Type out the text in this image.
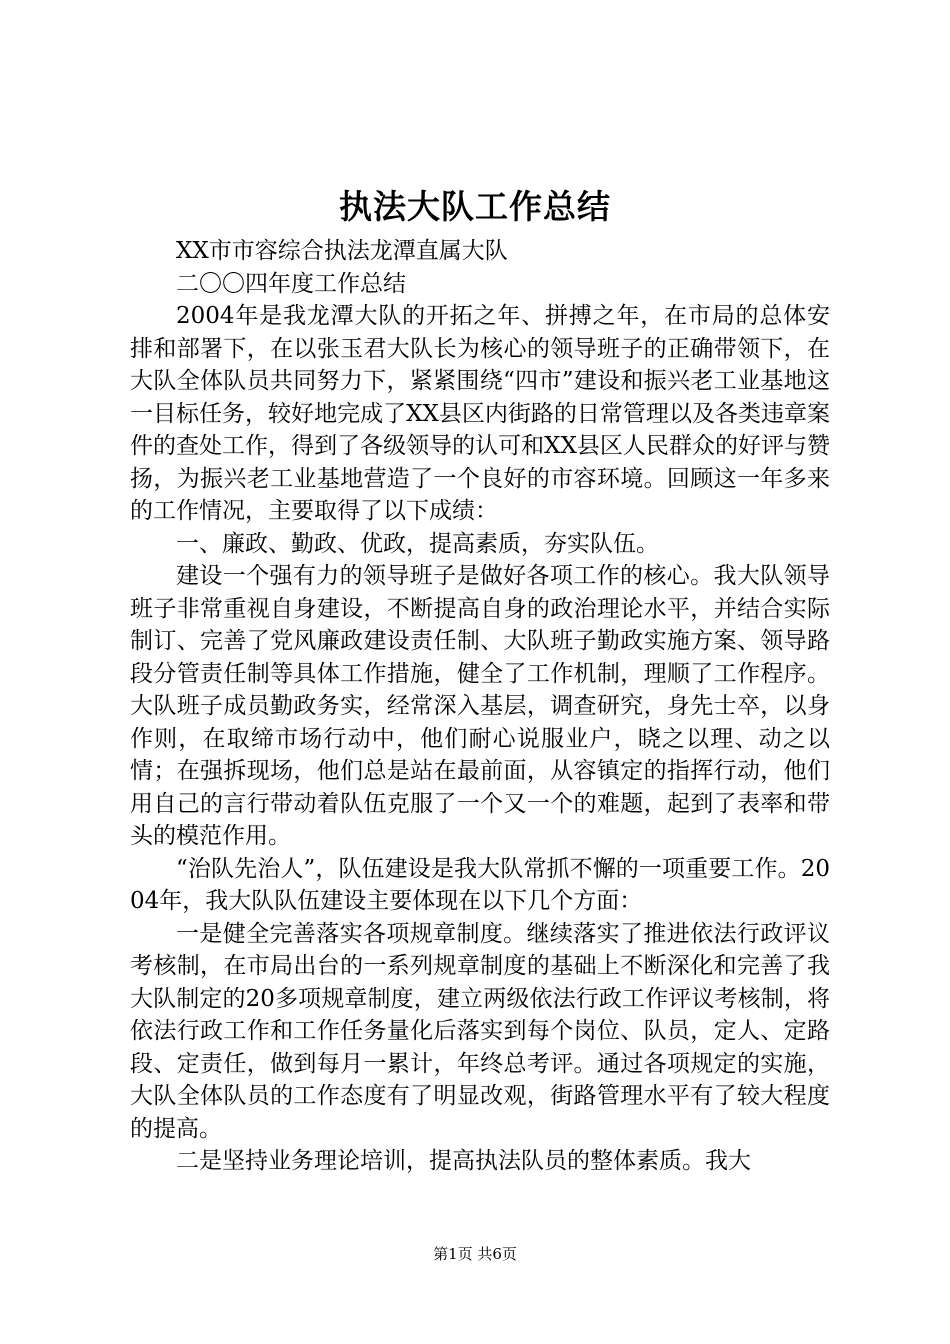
执法大队工作总结

XX市市容综合执法龙潭直属大队

二〇〇四年度工作总结

2004年是我龙潭大队的开拓之年、拼搏之年，在市局的总体安排和部署下，在以张玉君大队长为核心的领导班子的正确带领下，在大队全体队员共同努力下，紧紧围绕“四市”建设和振兴老工业基地这一目标任务，较好地完成了XX县区内街路的日常管理以及各类违章案件的查处工作，得到了各级领导的认可和XX县区人民群众的好评与赞扬，为振兴老工业基地营造了一个良好的市容环境。回顾这一年多来的工作情况，主要取得了以下成绩：

一、廉政、勤政、优政，提高素质，夯实队伍。

建设一个强有力的领导班子是做好各项工作的核心。我大队领导班子非常重视自身建设，不断提高自身的政治理论水平，并结合实际制订、完善了党风廉政建设责任制、大队班子勤政实施方案、领导路段分管责任制等具体工作措施，健全了工作机制，理顺了工作程序。大队班子成员勤政务实，经常深入基层，调查研究，身先士卒，以身作则，在取缔市场行动中，他们耐心说服业户，晓之以理、动之以情；在强拆现场，他们总是站在最前面，从容镇定的指挥行动，他们用自己的言行带动着队伍克服了一个又一个的难题，起到了表率和带头的模范作用。

“治队先治人”，队伍建设是我大队常抓不懈的一项重要工作。2004年，我大队队伍建设主要体现在以下几个方面：

一是健全完善落实各项规章制度。继续落实了推进依法行政评议考核制，在市局出台的一系列规章制度的基础上不断深化和完善了我大队制定的20多项规章制度，建立两级依法行政工作评议考核制，将依法行政工作和工作任务量化后落实到每个岗位、队员，定人、定路段、定责任，做到每月一累计，年终总考评。通过各项规定的实施，大队全体队员的工作态度有了明显改观，街路管理水平有了较大程度的提高。

二是坚持业务理论培训，提高执法队员的整体素质。我大

第1页 共6页
